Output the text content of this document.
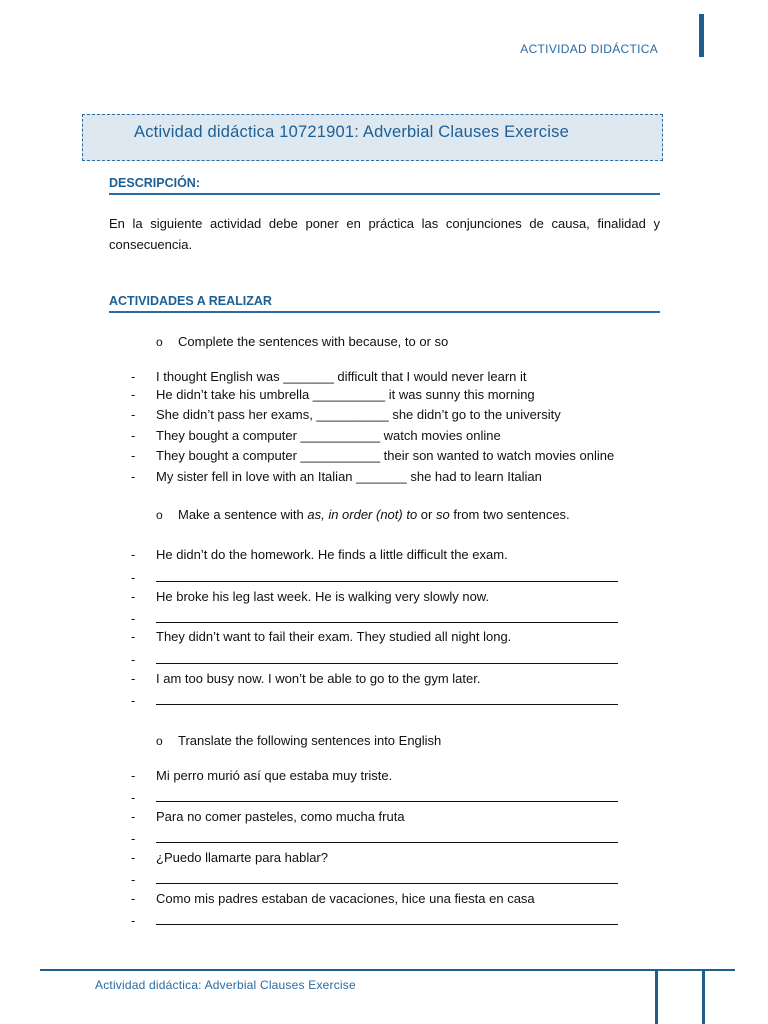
ACTIVIDAD DIDÁCTICA
Actividad didáctica 10721901: Adverbial Clauses Exercise
DESCRIPCIÓN:
En la siguiente actividad debe poner en práctica las conjunciones de causa, finalidad y consecuencia.
ACTIVIDADES A REALIZAR
o Complete the sentences with because, to or so
- I thought English was _______ difficult that I would never learn it
- He didn’t take his umbrella __________ it was sunny this morning
- She didn’t pass her exams, __________ she didn’t go to the university
- They bought a computer ___________ watch movies online
- They bought a computer ___________ their son wanted to watch movies online
- My sister fell in love with an Italian _______ she had to learn Italian
o Make a sentence with as, in order (not) to or so from two sentences.
- He didn’t do the homework. He finds a little difficult the exam.
-
- He broke his leg last week. He is walking very slowly now.
-
- They didn’t want to fail their exam. They studied all night long.
-
- I am too busy now. I won’t be able to go to the gym later.
-
o Translate the following sentences into English
- Mi perro murió así que estaba muy triste.
-
- Para no comer pasteles, como mucha fruta
-
- ¿Puedo llamarte para hablar?
-
- Como mis padres estaban de vacaciones, hice una fiesta en casa
-
Actividad didáctica: Adverbial Clauses Exercise
